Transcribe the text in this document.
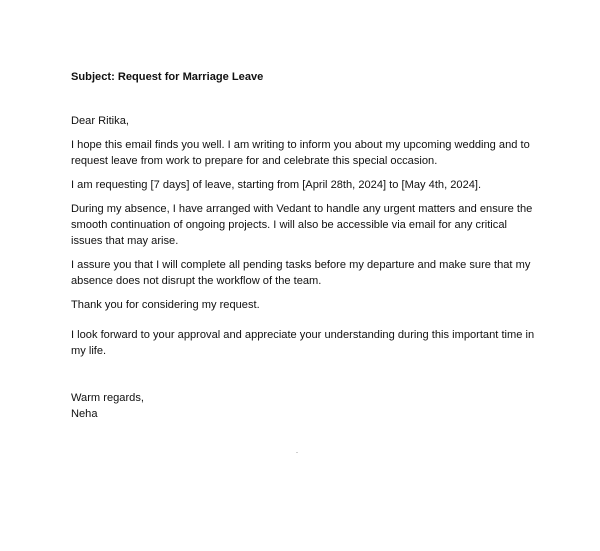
Subject: Request for Marriage Leave

Dear Ritika,

I hope this email finds you well. I am writing to inform you about my upcoming wedding and to request leave from work to prepare for and celebrate this special occasion.

I am requesting [7 days] of leave, starting from [April 28th, 2024] to [May 4th, 2024].

During my absence, I have arranged with Vedant to handle any urgent matters and ensure the smooth continuation of ongoing projects. I will also be accessible via email for any critical issues that may arise.

I assure you that I will complete all pending tasks before my departure and make sure that my absence does not disrupt the workflow of the team.

Thank you for considering my request.

I look forward to your approval and appreciate your understanding during this important time in my life.

Warm regards,

Neha
